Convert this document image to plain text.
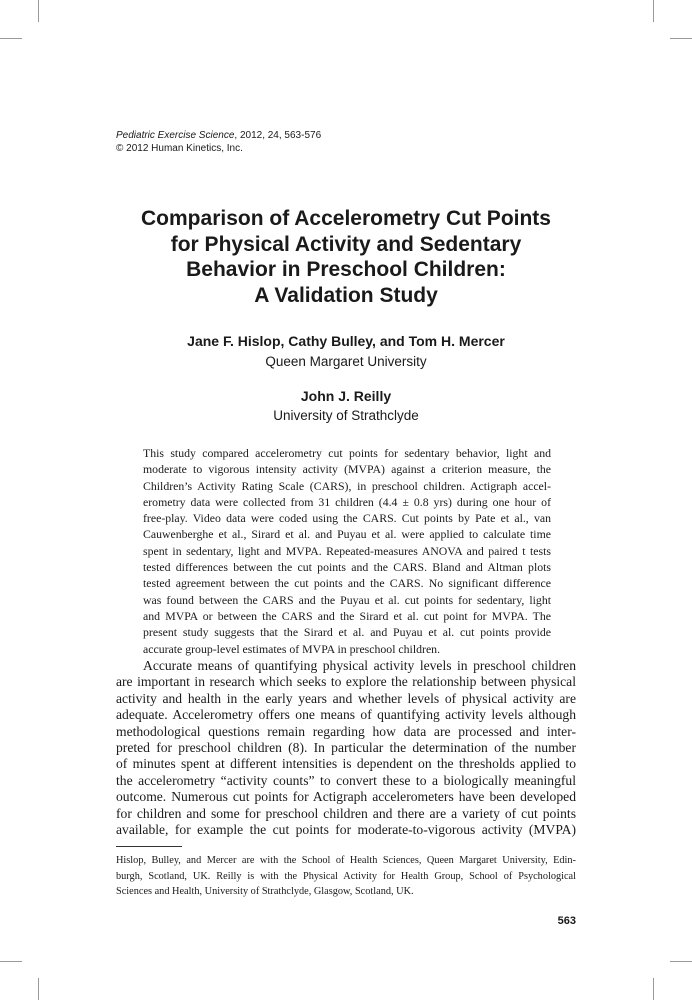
Pediatric Exercise Science, 2012, 24, 563-576
© 2012 Human Kinetics, Inc.
Comparison of Accelerometry Cut Points
for Physical Activity and Sedentary
Behavior in Preschool Children:
A Validation Study
Jane F. Hislop, Cathy Bulley, and Tom H. Mercer
Queen Margaret University
John J. Reilly
University of Strathclyde
This study compared accelerometry cut points for sedentary behavior, light and
moderate to vigorous intensity activity (MVPA) against a criterion measure, the
Children’s Activity Rating Scale (CARS), in preschool children. Actigraph accel-
erometry data were collected from 31 children (4.4 ± 0.8 yrs) during one hour of
free-play. Video data were coded using the CARS. Cut points by Pate et al., van
Cauwenberghe et al., Sirard et al. and Puyau et al. were applied to calculate time
spent in sedentary, light and MVPA. Repeated-measures ANOVA and paired t tests
tested differences between the cut points and the CARS. Bland and Altman plots
tested agreement between the cut points and the CARS. No significant difference
was found between the CARS and the Puyau et al. cut points for sedentary, light
and MVPA or between the CARS and the Sirard et al. cut point for MVPA. The
present study suggests that the Sirard et al. and Puyau et al. cut points provide
accurate group-level estimates of MVPA in preschool children.
Accurate means of quantifying physical activity levels in preschool children
are important in research which seeks to explore the relationship between physical
activity and health in the early years and whether levels of physical activity are
adequate. Accelerometry offers one means of quantifying activity levels although
methodological questions remain regarding how data are processed and inter-
preted for preschool children (8). In particular the determination of the number
of minutes spent at different intensities is dependent on the thresholds applied to
the accelerometry “activity counts” to convert these to a biologically meaningful
outcome. Numerous cut points for Actigraph accelerometers have been developed
for children and some for preschool children and there are a variety of cut points
available, for example the cut points for moderate-to-vigorous activity (MVPA)
Hislop, Bulley, and Mercer are with the School of Health Sciences, Queen Margaret University, Edin-
burgh, Scotland, UK. Reilly is with the Physical Activity for Health Group, School of Psychological
Sciences and Health, University of Strathclyde, Glasgow, Scotland, UK.
563
